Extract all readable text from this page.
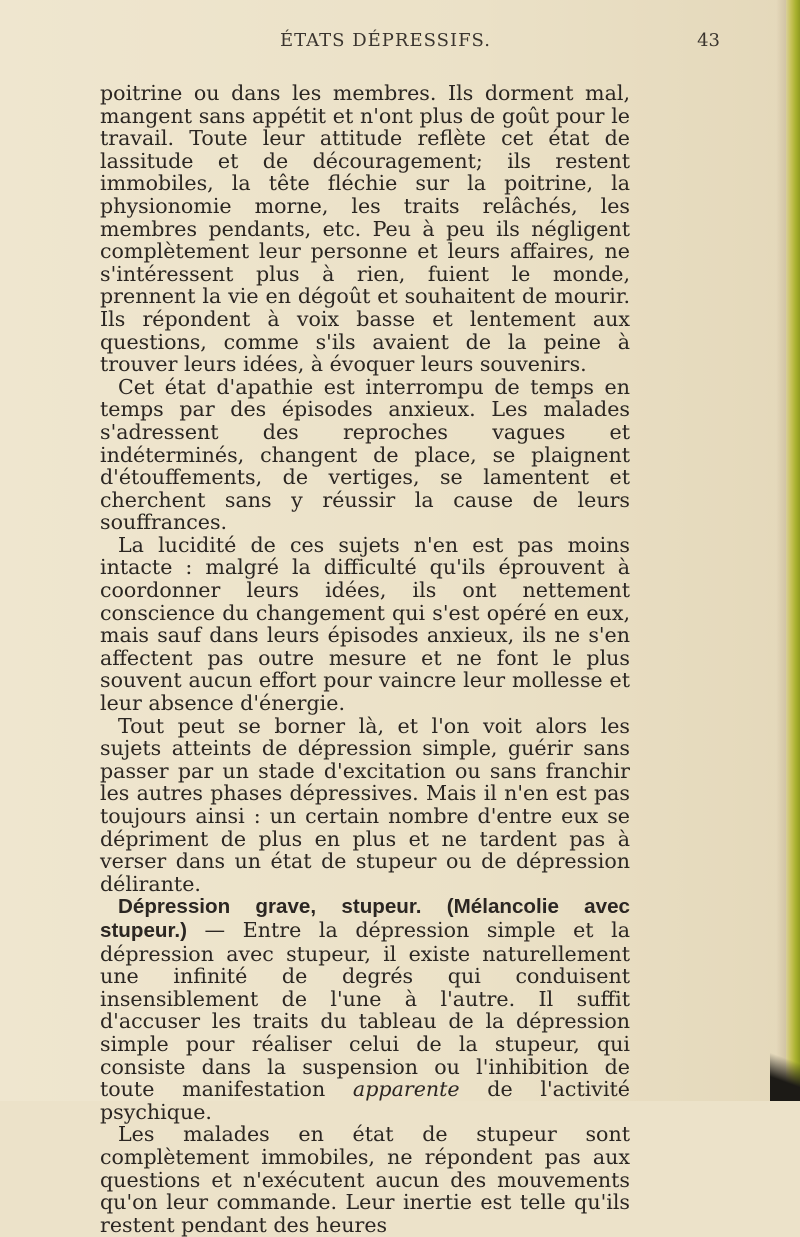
ÉTATS DÉPRESSIFS.	43

poitrine ou dans les membres. Ils dorment mal, mangent sans appétit et n'ont plus de goût pour le travail. Toute leur attitude reflète cet état de lassitude et de découragement; ils restent immobiles, la tête fléchie sur la poitrine, la physionomie morne, les traits relâchés, les membres pendants, etc. Peu à peu ils négligent complètement leur personne et leurs affaires, ne s'intéressent plus à rien, fuient le monde, prennent la vie en dégoût et souhaitent de mourir. Ils répondent à voix basse et lentement aux questions, comme s'ils avaient de la peine à trouver leurs idées, à évoquer leurs souvenirs.

Cet état d'apathie est interrompu de temps en temps par des épisodes anxieux. Les malades s'adressent des reproches vagues et indéterminés, changent de place, se plaignent d'étouffements, de vertiges, se lamentent et cherchent sans y réussir la cause de leurs souffrances.

La lucidité de ces sujets n'en est pas moins intacte : malgré la difficulté qu'ils éprouvent à coordonner leurs idées, ils ont nettement conscience du changement qui s'est opéré en eux, mais sauf dans leurs épisodes anxieux, ils ne s'en affectent pas outre mesure et ne font le plus souvent aucun effort pour vaincre leur mollesse et leur absence d'énergie.

Tout peut se borner là, et l'on voit alors les sujets atteints de dépression simple, guérir sans passer par un stade d'excitation ou sans franchir les autres phases dépressives. Mais il n'en est pas toujours ainsi : un certain nombre d'entre eux se dépriment de plus en plus et ne tardent pas à verser dans un état de stupeur ou de dépression délirante.

Dépression grave, stupeur. (Mélancolie avec stupeur.) — Entre la dépression simple et la dépression avec stupeur, il existe naturellement une infinité de degrés qui conduisent insensiblement de l'une à l'autre. Il suffit d'accuser les traits du tableau de la dépression simple pour réaliser celui de la stupeur, qui consiste dans la suspension ou l'inhibition de toute manifestation apparente de l'activité psychique.

Les malades en état de stupeur sont complètement immobiles, ne répondent pas aux questions et n'exécutent aucun des mouvements qu'on leur commande. Leur inertie est telle qu'ils restent pendant des heures
